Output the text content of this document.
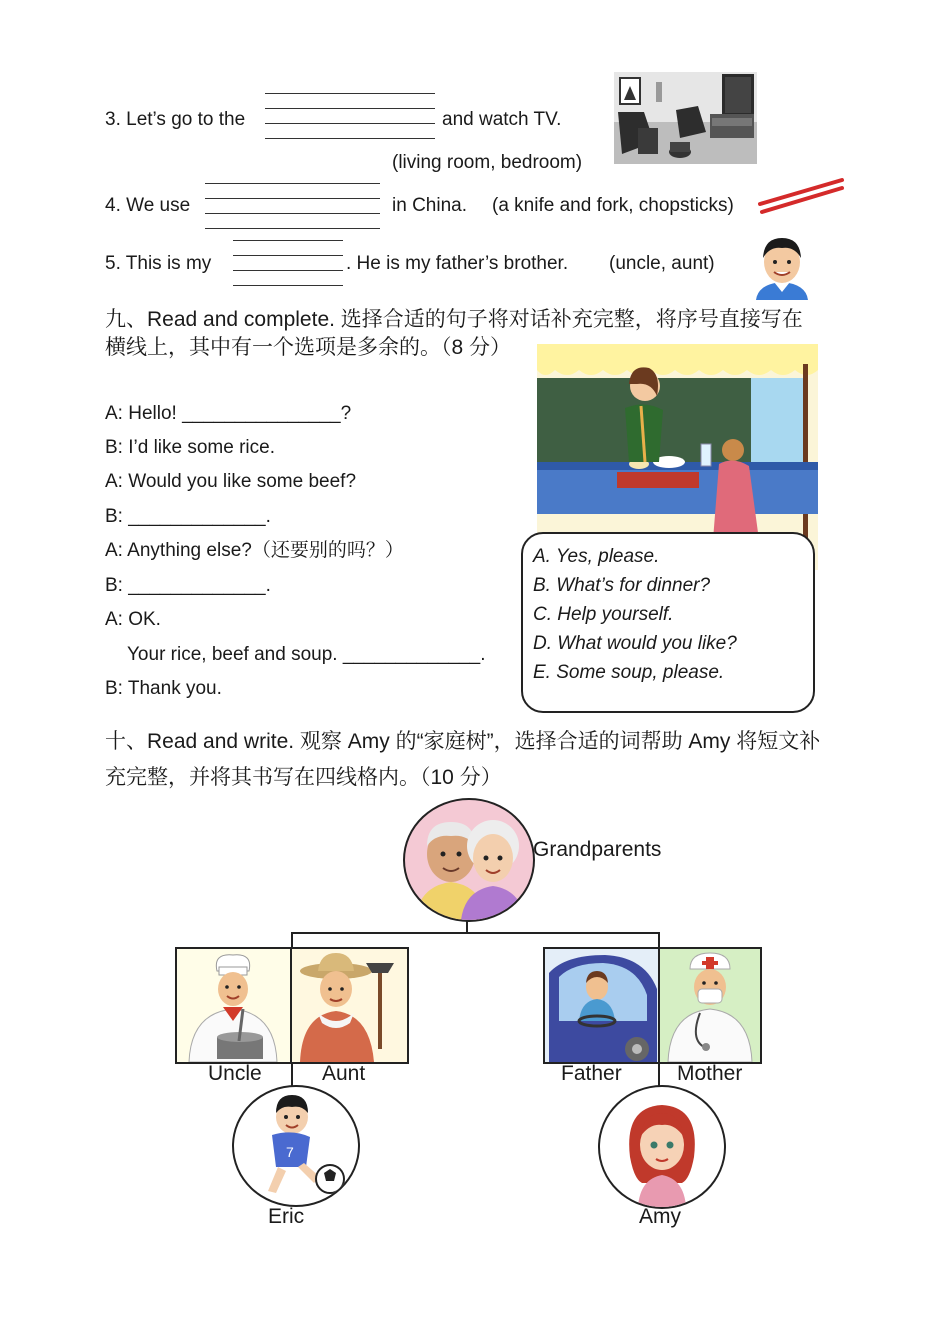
3. Let’s go to the	and watch TV.
(living room, bedroom)
4. We use	in China. (a knife and fork, chopsticks)
5. This is my	. He is my father’s brother. (uncle, aunt)
九、Read and complete. 选择合适的句子将对话补充完整，将序号直接写在
横线上，其中有一个选项是多余的。（8 分）
A: Hello! _______________?
B: I’d like some rice.
A: Would you like some beef?
B: _____________.
A: Anything else?（还要别的吗？）
B: _____________.
A: OK.
Your rice, beef and soup. _____________.
B: Thank you.
A. Yes, please.
B. What’s for dinner?
C. Help yourself.
D. What would you like?
E. Some soup, please.
十、Read and write. 观察 Amy 的“家庭树”，选择合适的词帮助 Amy 将短文补
充完整，并将其书写在四线格内。（10 分）
Grandparents
Uncle	Aunt	Father	Mother
7
Eric	Amy
